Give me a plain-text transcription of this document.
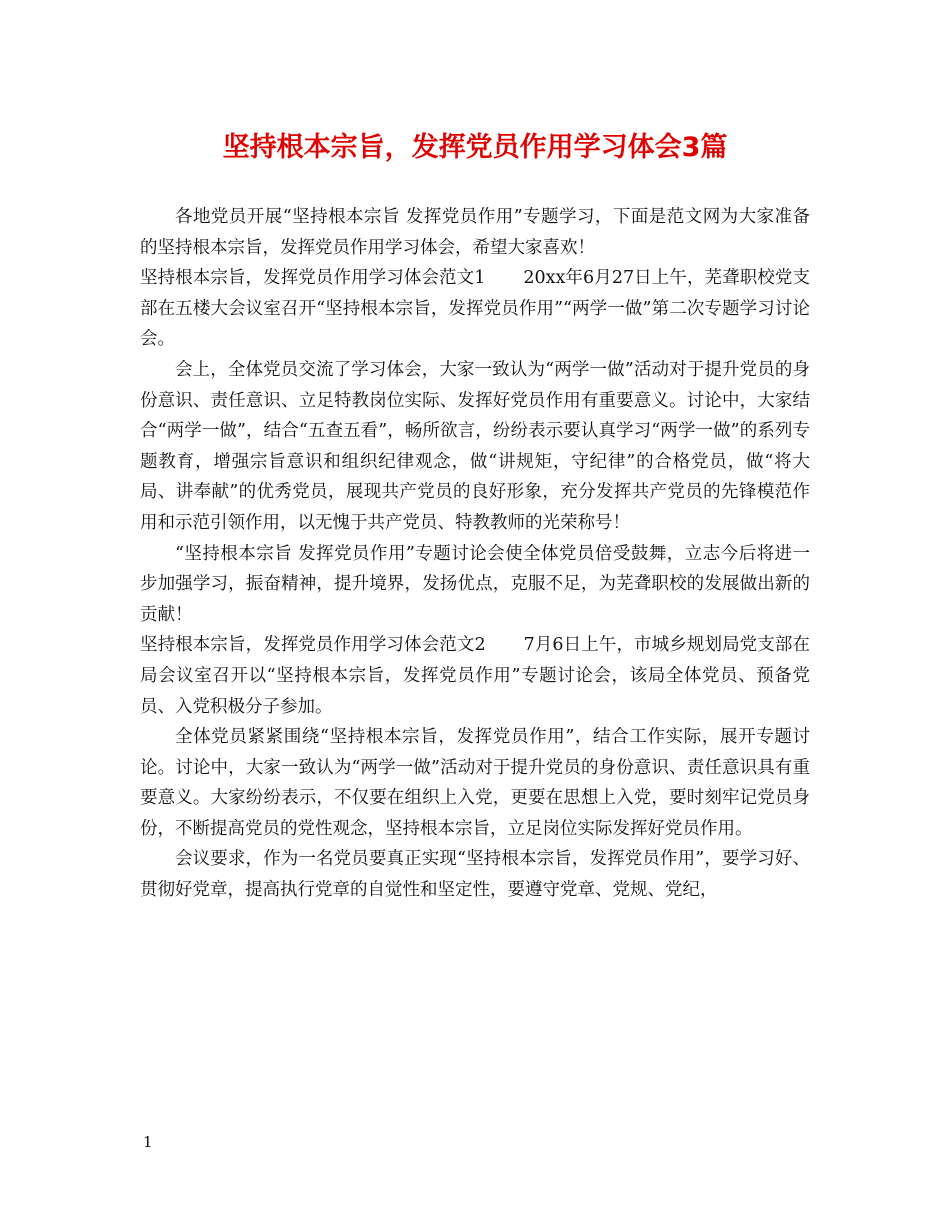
坚持根本宗旨，发挥党员作用学习体会3篇

各地党员开展“坚持根本宗旨 发挥党员作用”专题学习，下面是范文网为大家准备的坚持根本宗旨，发挥党员作用学习体会，希望大家喜欢！

坚持根本宗旨，发挥党员作用学习体会范文1 20xx年6月27日上午，芜聋职校党支部在五楼大会议室召开“坚持根本宗旨，发挥党员作用”“两学一做”第二次专题学习讨论会。

会上，全体党员交流了学习体会，大家一致认为“两学一做”活动对于提升党员的身份意识、责任意识、立足特教岗位实际、发挥好党员作用有重要意义。讨论中，大家结合“两学一做”，结合“五查五看”，畅所欲言，纷纷表示要认真学习“两学一做”的系列专题教育，增强宗旨意识和组织纪律观念，做“讲规矩，守纪律”的合格党员，做“将大局、讲奉献”的优秀党员，展现共产党员的良好形象，充分发挥共产党员的先锋模范作用和示范引领作用，以无愧于共产党员、特教教师的光荣称号！

“坚持根本宗旨 发挥党员作用”专题讨论会使全体党员倍受鼓舞，立志今后将进一步加强学习，振奋精神，提升境界，发扬优点，克服不足，为芜聋职校的发展做出新的贡献！

坚持根本宗旨，发挥党员作用学习体会范文2 7月6日上午，市城乡规划局党支部在局会议室召开以“坚持根本宗旨，发挥党员作用”专题讨论会，该局全体党员、预备党员、入党积极分子参加。

全体党员紧紧围绕“坚持根本宗旨，发挥党员作用”，结合工作实际，展开专题讨论。讨论中，大家一致认为“两学一做”活动对于提升党员的身份意识、责任意识具有重要意义。大家纷纷表示，不仅要在组织上入党，更要在思想上入党，要时刻牢记党员身份，不断提高党员的党性观念，坚持根本宗旨，立足岗位实际发挥好党员作用。

会议要求，作为一名党员要真正实现“坚持根本宗旨，发挥党员作用”，要学习好、贯彻好党章，提高执行党章的自觉性和坚定性，要遵守党章、党规、党纪，

1
